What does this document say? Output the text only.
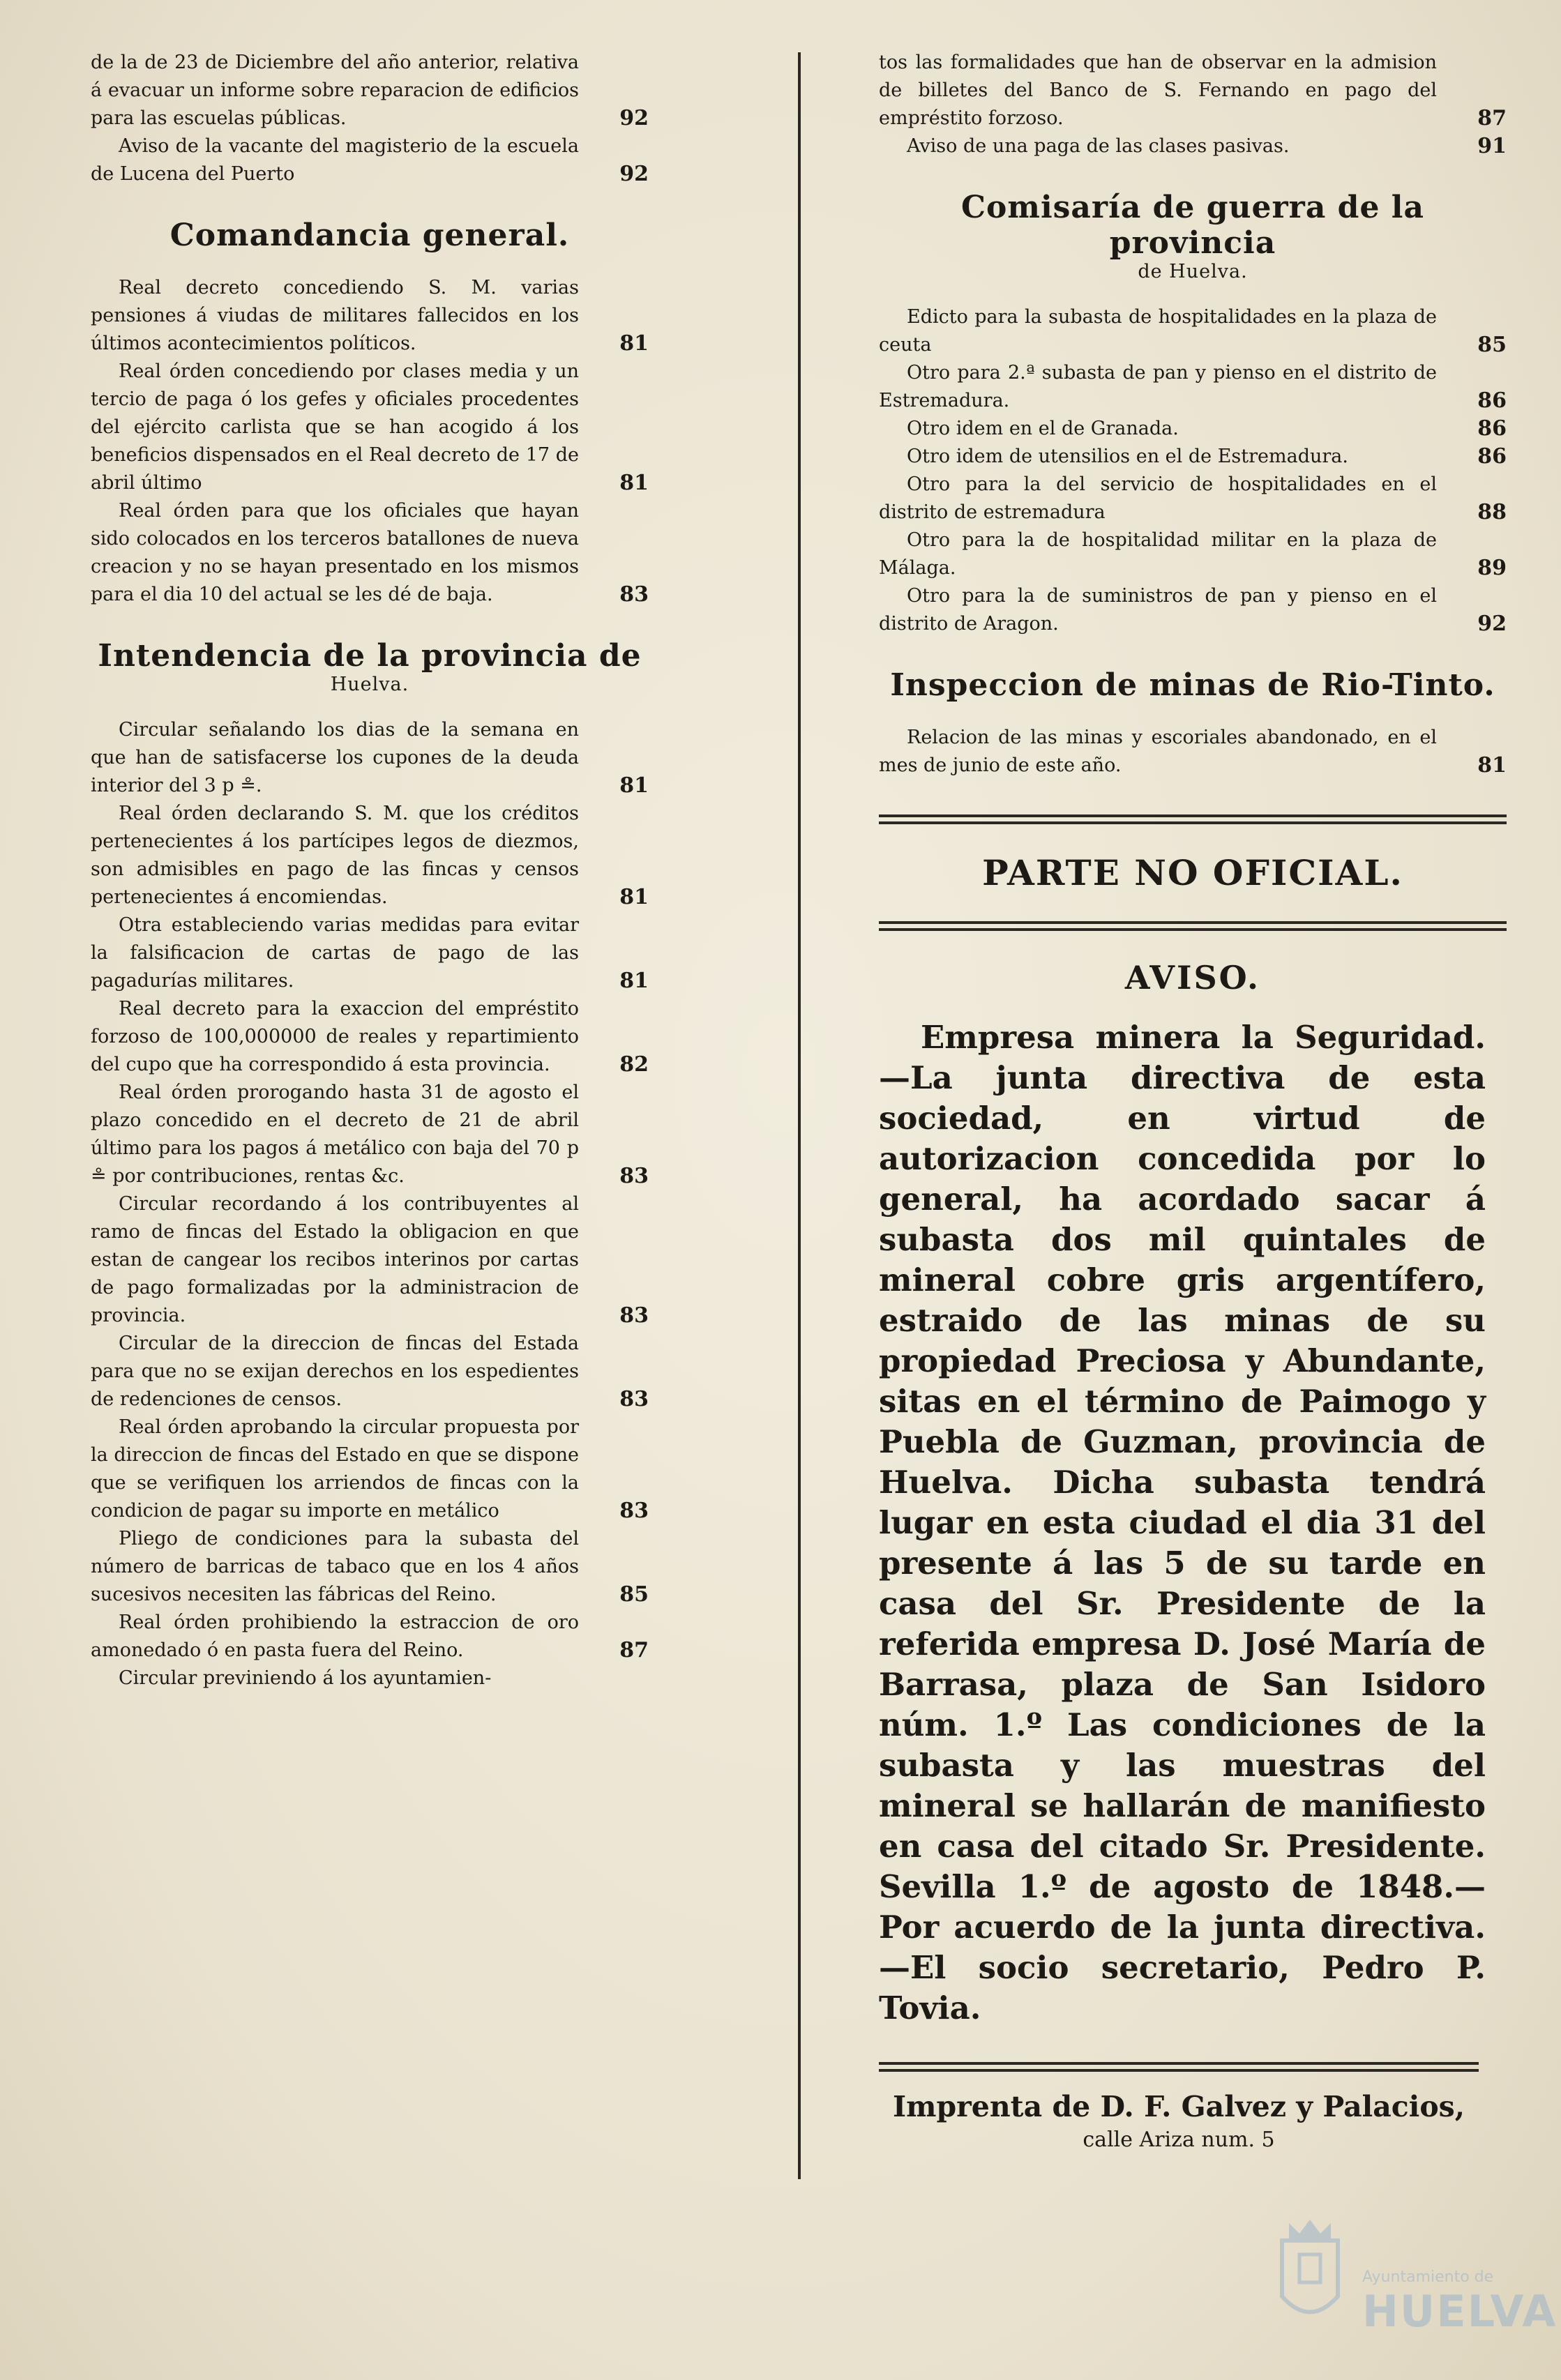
de la de 23 de Diciembre del año anterior, relativa á evacuar un informe sobre reparacion de edificios para las escuelas públicas.	92

Aviso de la vacante del magisterio de la escuela de Lucena del Puerto	92

Comandancia general.

Real decreto concediendo S. M. varias pensiones á viudas de militares fallecidos en los últimos acontecimientos políticos.	81

Real órden concediendo por clases media y un tercio de paga ó los gefes y oficiales procedentes del ejército carlista que se han acogido á los beneficios dispensados en el Real decreto de 17 de abril último	81

Real órden para que los oficiales que hayan sido colocados en los terceros batallones de nueva creacion y no se hayan presentado en los mismos para el dia 10 del actual se les dé de baja.	83

Intendencia de la provincia de
Huelva.

Circular señalando los dias de la semana en que han de satisfacerse los cupones de la deuda interior del 3 p ≗.	81

Real órden declarando S. M. que los créditos pertenecientes á los partícipes legos de diezmos, son admisibles en pago de las fincas y censos pertenecientes á encomiendas.	81

Otra estableciendo varias medidas para evitar la falsificacion de cartas de pago de las pagadurías militares.	81

Real decreto para la exaccion del empréstito forzoso de 100,000000 de reales y repartimiento del cupo que ha correspondido á esta provincia.	82

Real órden prorogando hasta 31 de agosto el plazo concedido en el decreto de 21 de abril último para los pagos á metálico con baja del 70 p ≗ por contribuciones, rentas &c.	83

Circular recordando á los contribuyentes al ramo de fincas del Estado la obligacion en que estan de cangear los recibos interinos por cartas de pago formalizadas por la administracion de provincia.	83

Circular de la direccion de fincas del Estada para que no se exijan derechos en los espedientes de redenciones de censos.	83

Real órden aprobando la circular propuesta por la direccion de fincas del Estado en que se dispone que se verifiquen los arriendos de fincas con la condicion de pagar su importe en metálico	83

Pliego de condiciones para la subasta del número de barricas de tabaco que en los 4 años sucesivos necesiten las fábricas del Reino.	85

Real órden prohibiendo la estraccion de oro amonedado ó en pasta fuera del Reino.	87

Circular previniendo á los ayuntamien-

tos las formalidades que han de observar en la admision de billetes del Banco de S. Fernando en pago del empréstito forzoso.	87

Aviso de una paga de las clases pasivas.	91

Comisaría de guerra de la provincia
de Huelva.

Edicto para la subasta de hospitalidades en la plaza de ceuta	85

Otro para 2.ª subasta de pan y pienso en el distrito de Estremadura.	86

Otro idem en el de Granada.	86

Otro idem de utensilios en el de Estremadura.	86

Otro para la del servicio de hospitalidades en el distrito de estremadura	88

Otro para la de hospitalidad militar en la plaza de Málaga.	89

Otro para la de suministros de pan y pienso en el distrito de Aragon.	92

Inspeccion de minas de Rio-Tinto.

Relacion de las minas y escoriales abandonado, en el mes de junio de este año.	81

PARTE NO OFICIAL.
AVISO.

Empresa minera la Seguridad.—La junta directiva de esta sociedad, en virtud de autorizacion concedida por lo general, ha acordado sacar á subasta dos mil quintales de mineral cobre gris argentífero, estraido de las minas de su propiedad Preciosa y Abundante, sitas en el término de Paimogo y Puebla de Guzman, provincia de Huelva. Dicha subasta tendrá lugar en esta ciudad el dia 31 del presente á las 5 de su tarde en casa del Sr. Presidente de la referida empresa D. José María de Barrasa, plaza de San Isidoro núm. 1.º Las condiciones de la subasta y las muestras del mineral se hallarán de manifiesto en casa del citado Sr. Presidente. Sevilla 1.º de agosto de 1848.—Por acuerdo de la junta directiva.—El socio secretario, Pedro P. Tovia.

Imprenta de D. F. Galvez y Palacios,
calle Ariza num. 5
Ayuntamiento de
HUELVA
